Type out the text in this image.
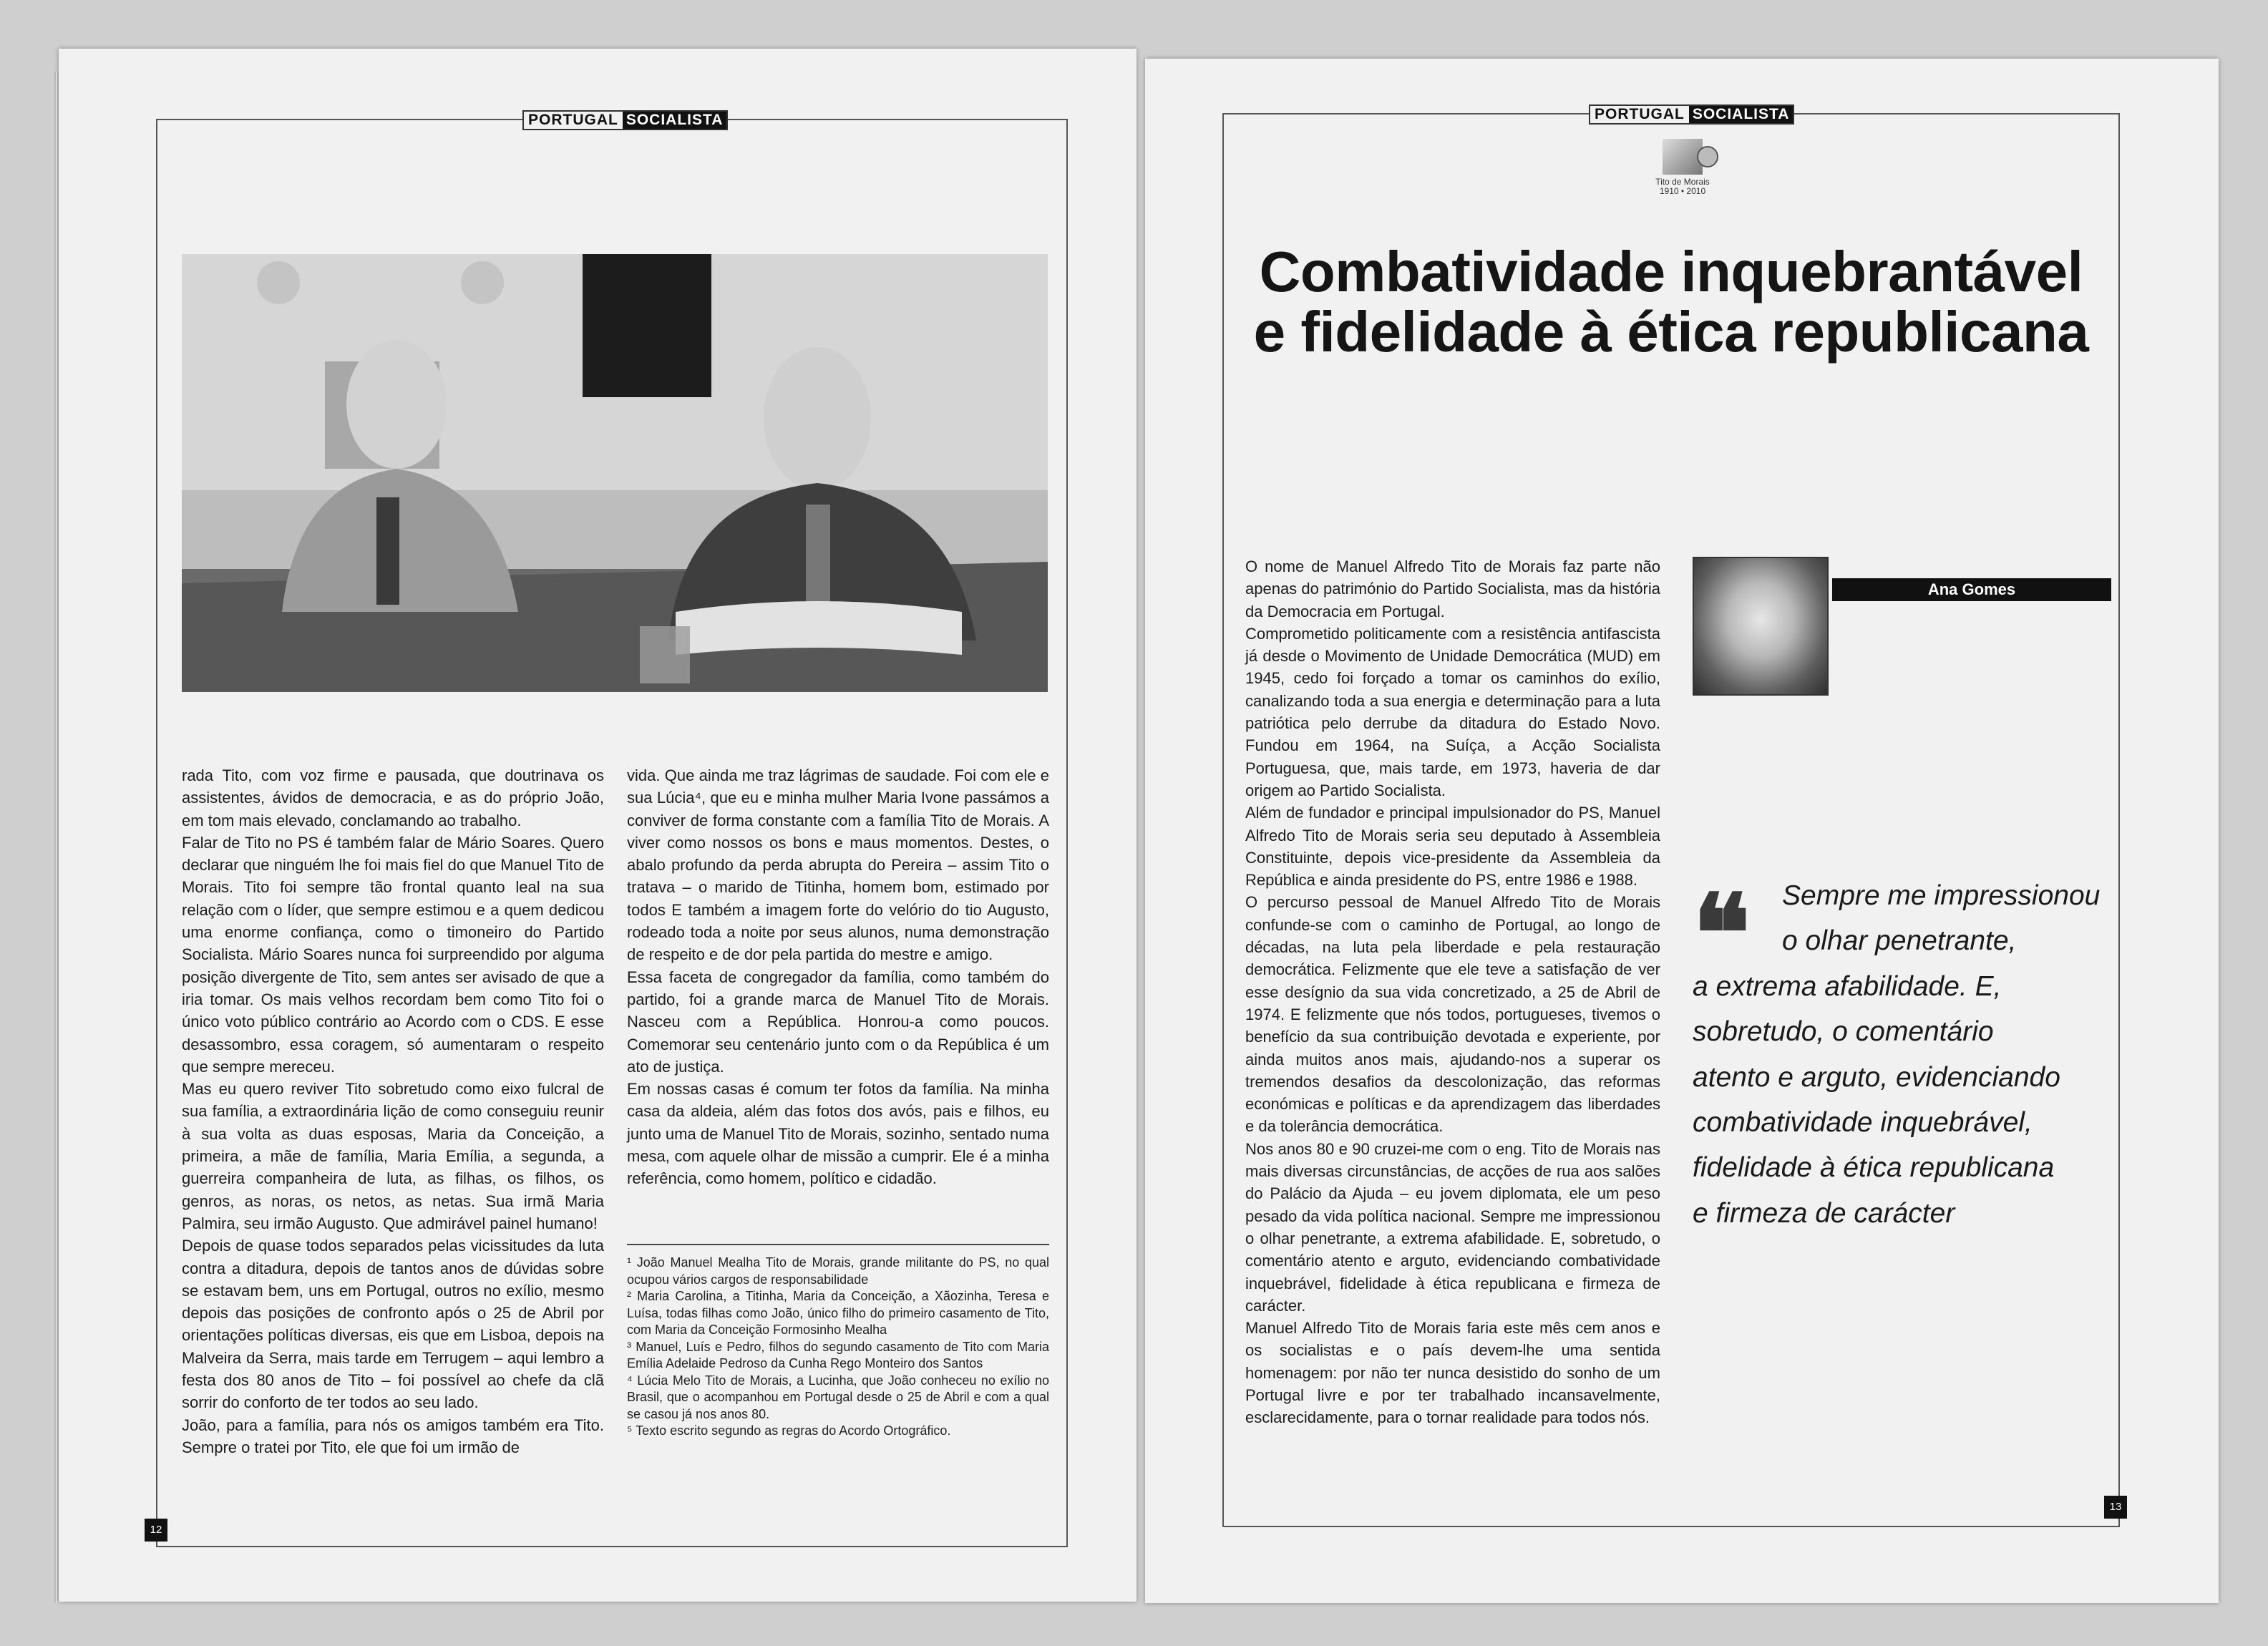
PORTUGAL SOCIALISTA

rada Tito, com voz firme e pausada, que doutrinava os assistentes, ávidos de democracia, e as do próprio João, em tom mais elevado, conclamando ao trabalho.

Falar de Tito no PS é também falar de Mário Soares. Quero declarar que ninguém lhe foi mais fiel do que Manuel Tito de Morais. Tito foi sempre tão frontal quanto leal na sua relação com o líder, que sempre estimou e a quem dedicou uma enorme confiança, como o timoneiro do Partido Socialista. Mário Soares nunca foi surpreendido por alguma posição divergente de Tito, sem antes ser avisado de que a iria tomar. Os mais velhos recordam bem como Tito foi o único voto público contrário ao Acordo com o CDS. E esse desassombro, essa coragem, só aumentaram o respeito que sempre mereceu.

Mas eu quero reviver Tito sobretudo como eixo fulcral de sua família, a extraordinária lição de como conseguiu reunir à sua volta as duas esposas, Maria da Conceição, a primeira, a mãe de família, Maria Emília, a segunda, a guerreira companheira de luta, as filhas, os filhos, os genros, as noras, os netos, as netas. Sua irmã Maria Palmira, seu irmão Augusto. Que admirável painel humano!

Depois de quase todos separados pelas vicissitudes da luta contra a ditadura, depois de tantos anos de dúvidas sobre se estavam bem, uns em Portugal, outros no exílio, mesmo depois das posições de confronto após o 25 de Abril por orientações políticas diversas, eis que em Lisboa, depois na Malveira da Serra, mais tarde em Terrugem – aqui lembro a festa dos 80 anos de Tito – foi possível ao chefe da clã sorrir do conforto de ter todos ao seu lado.

João, para a família, para nós os amigos também era Tito. Sempre o tratei por Tito, ele que foi um irmão de

vida. Que ainda me traz lágrimas de saudade. Foi com ele e sua Lúcia⁴, que eu e minha mulher Maria Ivone passámos a conviver de forma constante com a família Tito de Morais. A viver como nossos os bons e maus momentos. Destes, o abalo profundo da perda abrupta do Pereira – assim Tito o tratava – o marido de Titinha, homem bom, estimado por todos E também a imagem forte do velório do tio Augusto, rodeado toda a noite por seus alunos, numa demonstração de respeito e de dor pela partida do mestre e amigo.

Essa faceta de congregador da família, como também do partido, foi a grande marca de Manuel Tito de Morais. Nasceu com a República. Honrou-a como poucos. Comemorar seu centenário junto com o da República é um ato de justiça.

Em nossas casas é comum ter fotos da família. Na minha casa da aldeia, além das fotos dos avós, pais e filhos, eu junto uma de Manuel Tito de Morais, sozinho, sentado numa mesa, com aquele olhar de missão a cumprir. Ele é a minha referência, como homem, político e cidadão.

¹ João Manuel Mealha Tito de Morais, grande militante do PS, no qual ocupou vários cargos de responsabilidade

² Maria Carolina, a Titinha, Maria da Conceição, a Xãozinha, Teresa e Luísa, todas filhas como João, único filho do primeiro casamento de Tito, com Maria da Conceição Formosinho Mealha

³ Manuel, Luís e Pedro, filhos do segundo casamento de Tito com Maria Emília Adelaide Pedroso da Cunha Rego Monteiro dos Santos

⁴ Lúcia Melo Tito de Morais, a Lucinha, que João conheceu no exílio no Brasil, que o acompanhou em Portugal desde o 25 de Abril e com a qual se casou já nos anos 80.

⁵ Texto escrito segundo as regras do Acordo Ortográfico.

12
PORTUGAL SOCIALISTA
Tito de Morais
1910 • 2010
Combatividade inquebrantável
e fidelidade à ética republicana

O nome de Manuel Alfredo Tito de Morais faz parte não apenas do património do Partido Socialista, mas da história da Democracia em Portugal.

Comprometido politicamente com a resistência antifascista já desde o Movimento de Unidade Democrática (MUD) em 1945, cedo foi forçado a tomar os caminhos do exílio, canalizando toda a sua energia e determinação para a luta patriótica pelo derrube da ditadura do Estado Novo. Fundou em 1964, na Suíça, a Acção Socialista Portuguesa, que, mais tarde, em 1973, haveria de dar origem ao Partido Socialista.

Além de fundador e principal impulsionador do PS, Manuel Alfredo Tito de Morais seria seu deputado à Assembleia Constituinte, depois vice-presidente da Assembleia da República e ainda presidente do PS, entre 1986 e 1988.

O percurso pessoal de Manuel Alfredo Tito de Morais confunde-se com o caminho de Portugal, ao longo de décadas, na luta pela liberdade e pela restauração democrática. Felizmente que ele teve a satisfação de ver esse desígnio da sua vida concretizado, a 25 de Abril de 1974. E felizmente que nós todos, portugueses, tivemos o benefício da sua contribuição devotada e experiente, por ainda muitos anos mais, ajudando-nos a superar os tremendos desafios da descolonização, das reformas económicas e políticas e da aprendizagem das liberdades e da tolerância democrática.

Nos anos 80 e 90 cruzei-me com o eng. Tito de Morais nas mais diversas circunstâncias, de acções de rua aos salões do Palácio da Ajuda – eu jovem diplomata, ele um peso pesado da vida política nacional. Sempre me impressionou o olhar penetrante, a extrema afabilidade. E, sobretudo, o comentário atento e arguto, evidenciando combatividade inquebrável, fidelidade à ética republicana e firmeza de carácter.

Manuel Alfredo Tito de Morais faria este mês cem anos e os socialistas e o país devem-lhe uma sentida homenagem: por não ter nunca desistido do sonho de um Portugal livre e por ter trabalhado incansavelmente, esclarecidamente, para o tornar realidade para todos nós.

Ana Gomes
❝	Sempre me impressionou
o olhar penetrante,
a extrema afabilidade. E,
sobretudo, o comentário
atento e arguto, evidenciando
combatividade inquebrável,
fidelidade à ética republicana
e firmeza de carácter
13
